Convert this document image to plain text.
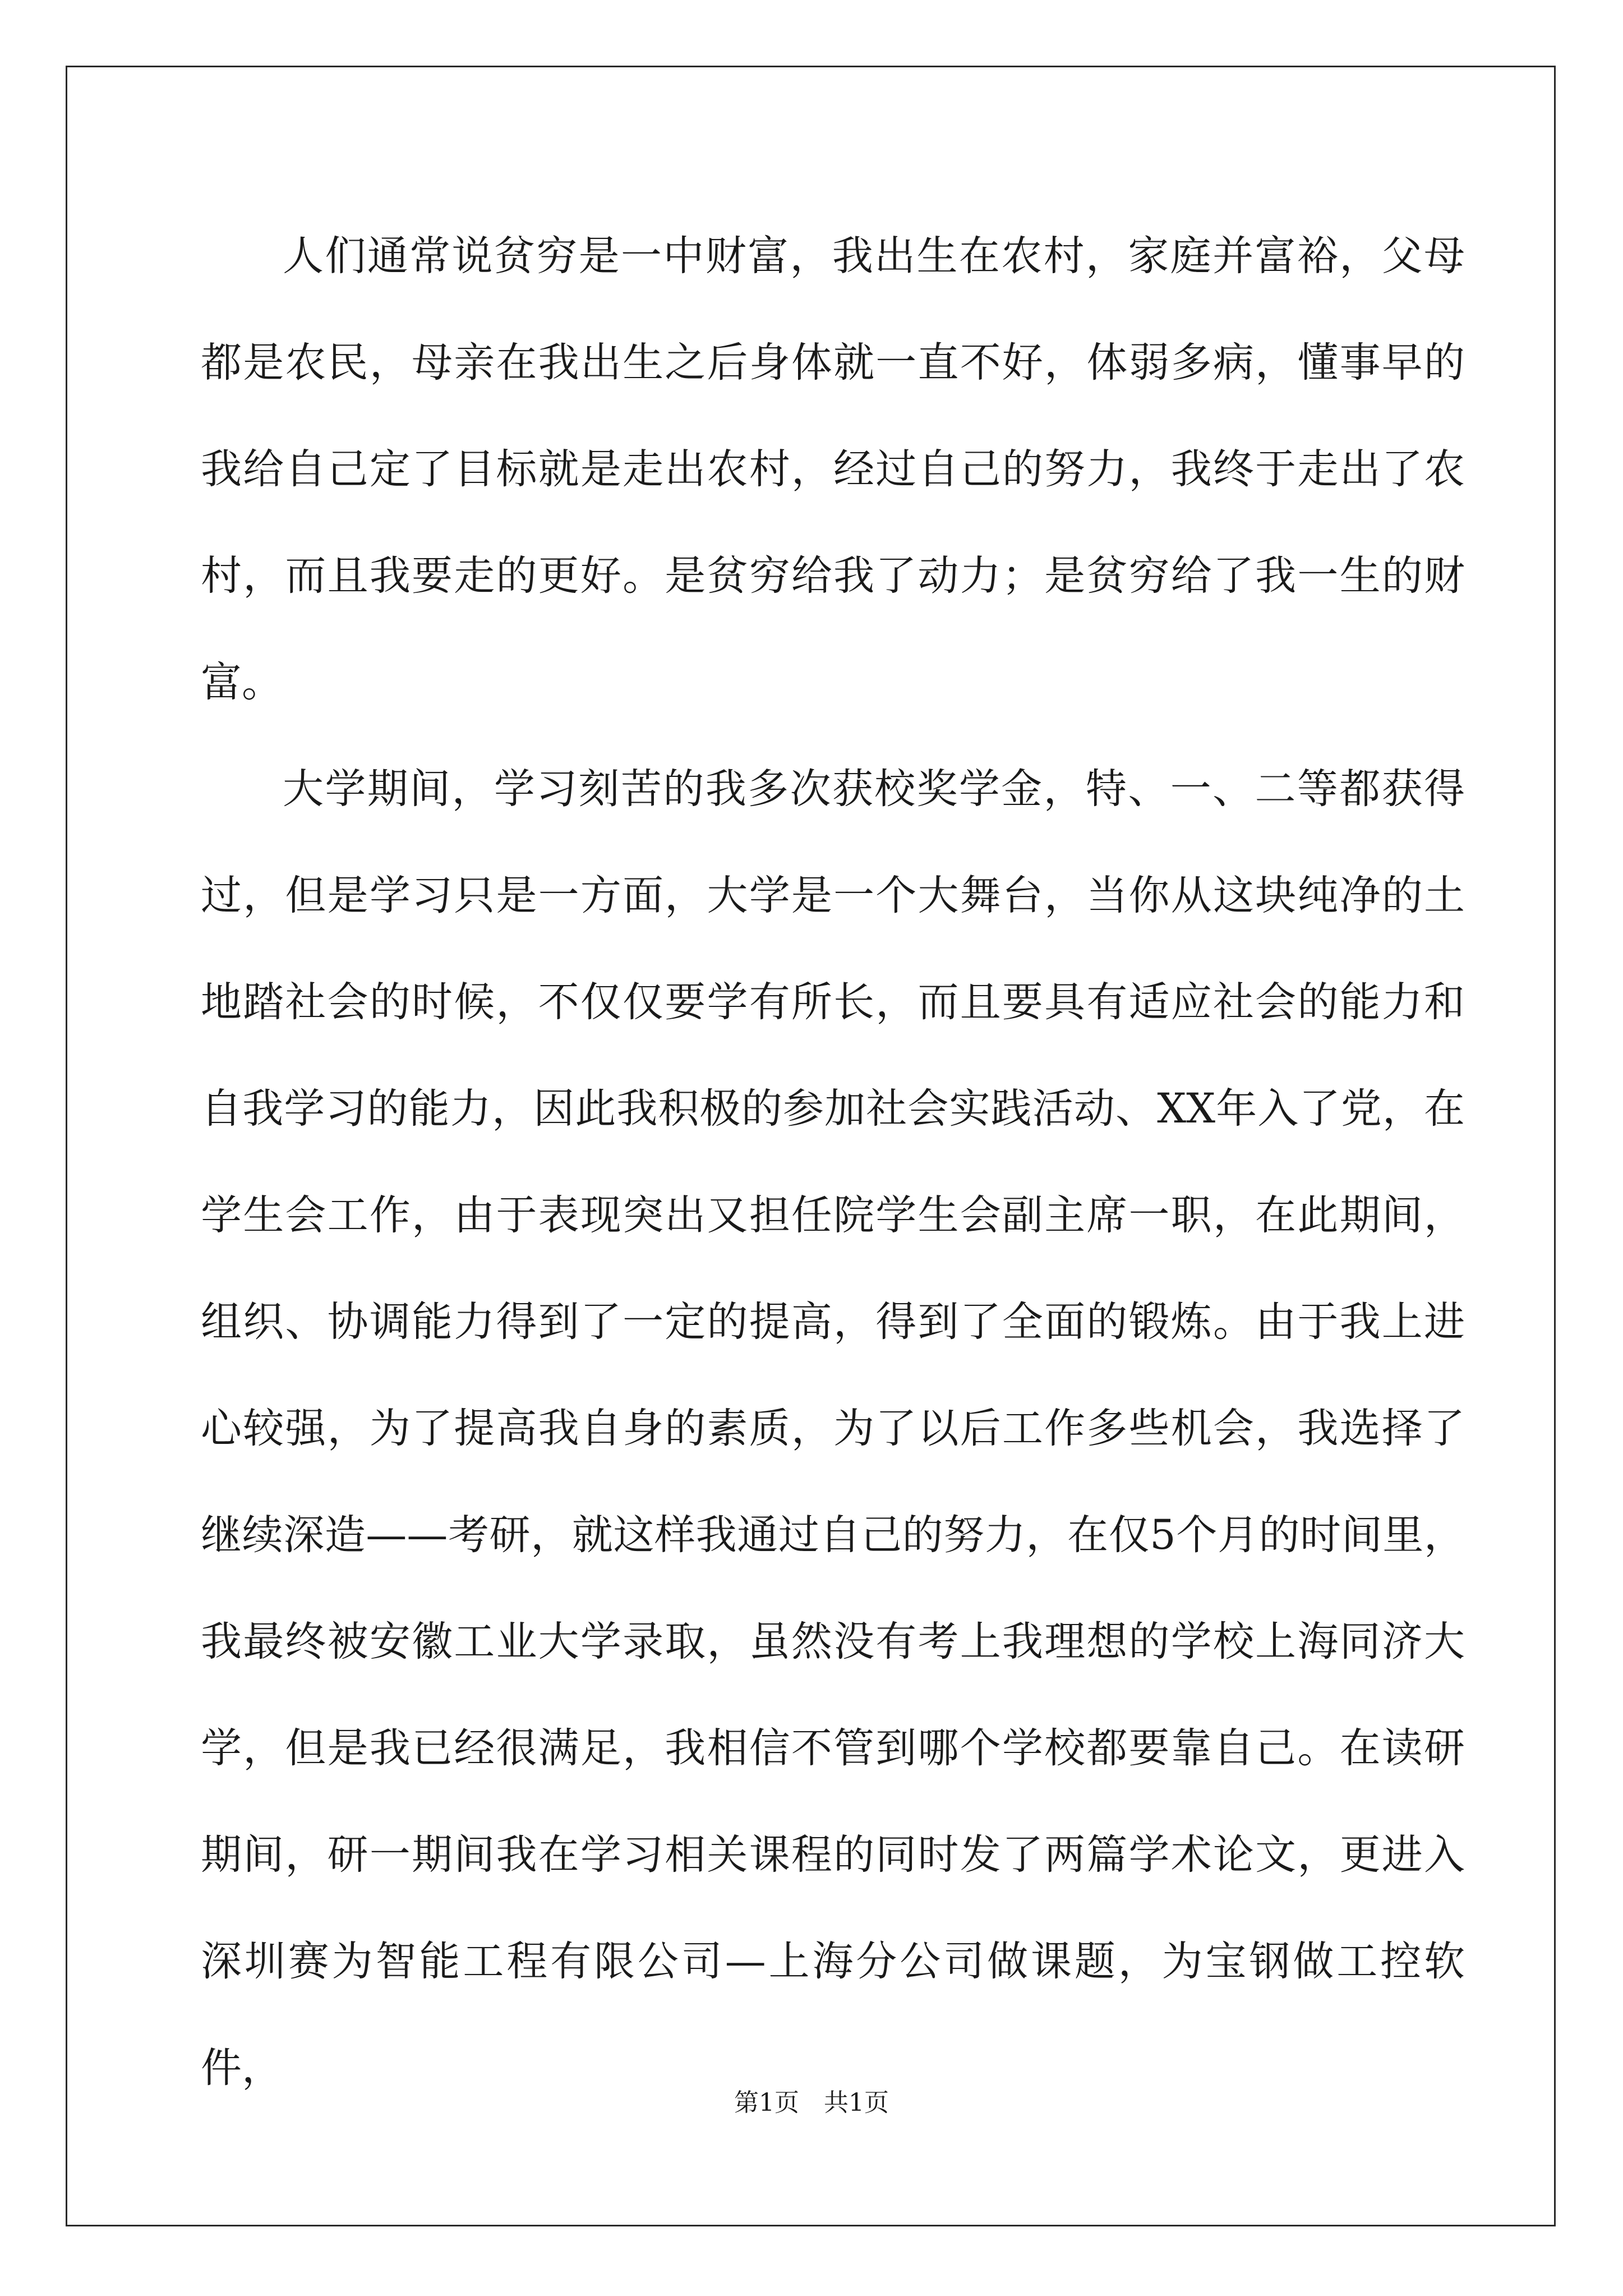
人们通常说贫穷是一中财富，我出生在农村，家庭并富裕，父母都是农民，母亲在我出生之后身体就一直不好，体弱多病，懂事早的我给自己定了目标就是走出农村，经过自己的努力，我终于走出了农村，而且我要走的更好。是贫穷给我了动力；是贫穷给了我一生的财富。

大学期间，学习刻苦的我多次获校奖学金，特、一、二等都获得过，但是学习只是一方面，大学是一个大舞台，当你从这块纯净的土地踏社会的时候，不仅仅要学有所长，而且要具有适应社会的能力和自我学习的能力，因此我积极的参加社会实践活动、XX年入了党，在学生会工作，由于表现突出又担任院学生会副主席一职，在此期间，组织、协调能力得到了一定的提高，得到了全面的锻炼。由于我上进心较强，为了提高我自身的素质，为了以后工作多些机会，我选择了继续深造——考研，就这样我通过自己的努力，在仅5个月的时间里，我最终被安徽工业大学录取，虽然没有考上我理想的学校上海同济大学，但是我已经很满足，我相信不管到哪个学校都要靠自己。在读研期间，研一期间我在学习相关课程的同时发了两篇学术论文，更进入深圳赛为智能工程有限公司—上海分公司做课题，为宝钢做工控软件，

第1页　共1页
